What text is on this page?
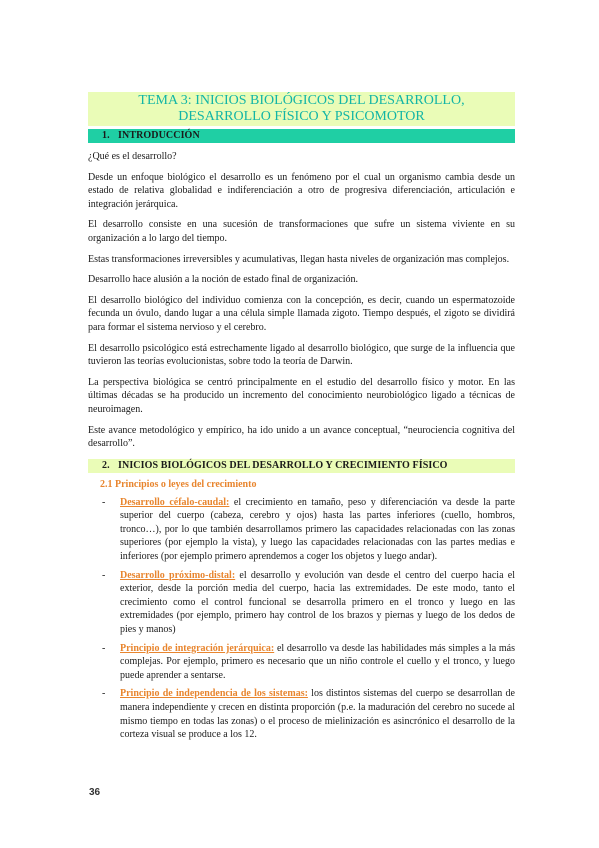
TEMA 3: INICIOS BIOLÓGICOS DEL DESARROLLO,
DESARROLLO FÍSICO Y PSICOMOTOR
1. INTRODUCCIÓN

¿Qué es el desarrollo?

Desde un enfoque biológico el desarrollo es un fenómeno por el cual un organismo cambia desde un estado de relativa globalidad e indiferenciación a otro de progresiva diferenciación, articulación e integración jerárquica.

El desarrollo consiste en una sucesión de transformaciones que sufre un sistema viviente en su organización a lo largo del tiempo.

Estas transformaciones irreversibles y acumulativas, llegan hasta niveles de organización mas complejos.

Desarrollo hace alusión a la noción de estado final de organización.

El desarrollo biológico del individuo comienza con la concepción, es decir, cuando un espermatozoide fecunda un óvulo, dando lugar a una célula simple llamada zigoto. Tiempo después, el zigoto se dividirá para formar el sistema nervioso y el cerebro.

El desarrollo psicológico está estrechamente ligado al desarrollo biológico, que surge de la influencia que tuvieron las teorías evolucionistas, sobre todo la teoría de Darwin.

La perspectiva biológica se centró principalmente en el estudio del desarrollo físico y motor. En las últimas décadas se ha producido un incremento del conocimiento neurobiológico ligado a técnicas de neuroimagen.

Este avance metodológico y empírico, ha ido unido a un avance conceptual, “neurociencia cognitiva del desarrollo”.

2. INICIOS BIOLÓGICOS DEL DESARROLLO Y CRECIMIENTO FÍSICO
2.1 Principios o leyes del crecimiento
- Desarrollo céfalo-caudal: el crecimiento en tamaño, peso y diferenciación va desde la parte superior del cuerpo (cabeza, cerebro y ojos) hasta las partes inferiores (cuello, hombros, tronco…), por lo que también desarrollamos primero las capacidades relacionadas con las zonas superiores (por ejemplo la vista), y luego las capacidades relacionadas con las partes medias e inferiores (por ejemplo primero aprendemos a coger los objetos y luego andar).
- Desarrollo próximo-distal: el desarrollo y evolución van desde el centro del cuerpo hacia el exterior, desde la porción media del cuerpo, hacia las extremidades. De este modo, tanto el crecimiento como el control funcional se desarrolla primero en el tronco y luego en las extremidades (por ejemplo, primero hay control de los brazos y piernas y luego de los dedos de pies y manos)
- Principio de integración jerárquica: el desarrollo va desde las habilidades más simples a la más complejas. Por ejemplo, primero es necesario que un niño controle el cuello y el tronco, y luego puede aprender a sentarse.
- Principio de independencia de los sistemas: los distintos sistemas del cuerpo se desarrollan de manera independiente y crecen en distinta proporción (p.e. la maduración del cerebro no sucede al mismo tiempo en todas las zonas) o el proceso de mielinización es asincrónico el desarrollo de la corteza visual se produce a los 12.
36
